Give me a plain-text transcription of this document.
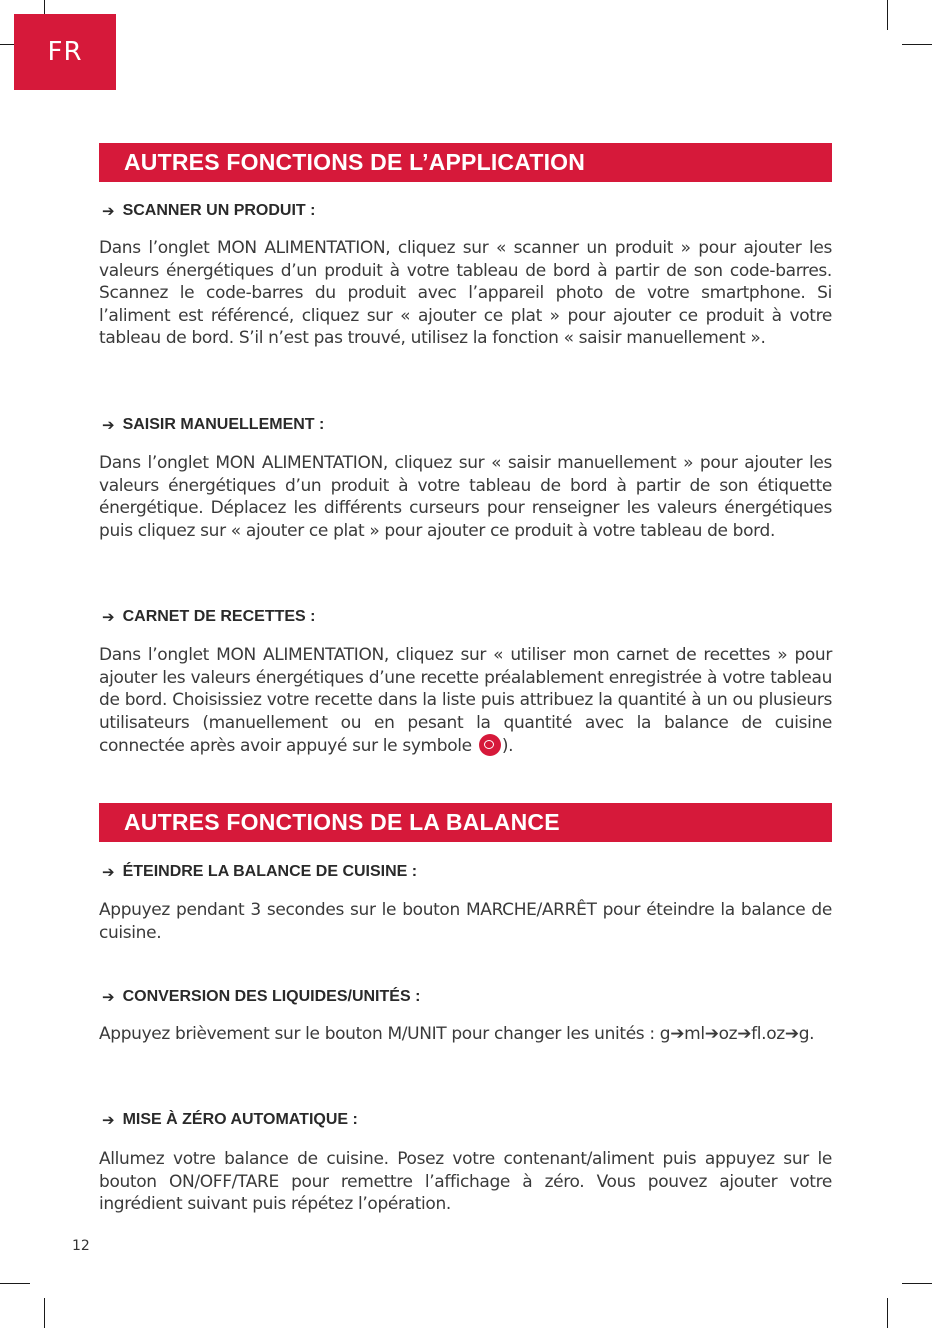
FR
AUTRES FONCTIONS DE L’APPLICATION
➔ SCANNER UN PRODUIT :

Dans l’onglet MON ALIMENTATION, cliquez sur « scanner un produit » pour ajouter les valeurs énergétiques d’un produit à votre tableau de bord à partir de son code-barres. Scannez le code-barres du produit avec l’appareil photo de votre smartphone. Si l’aliment est référencé, cliquez sur « ajouter ce plat » pour ajouter ce produit à votre tableau de bord. S’il n’est pas trouvé, utilisez la fonction « saisir manuellement ».

➔ SAISIR MANUELLEMENT :

Dans l’onglet MON ALIMENTATION, cliquez sur « saisir manuellement » pour ajouter les valeurs énergétiques d’un produit à votre tableau de bord à partir de son étiquette énergétique. Déplacez les différents curseurs pour renseigner les valeurs énergétiques puis cliquez sur « ajouter ce plat » pour ajouter ce produit à votre tableau de bord.

➔ CARNET DE RECETTES :

Dans l’onglet MON ALIMENTATION, cliquez sur « utiliser mon carnet de recettes » pour ajouter les valeurs énergétiques d’une recette préalablement enregistrée à votre tableau de bord. Choisissiez votre recette dans la liste puis attribuez la quantité à un ou plusieurs utilisateurs (manuellement ou en pesant la quantité avec la balance de cuisine connectée après avoir appuyé sur le symbole ).

AUTRES FONCTIONS DE LA BALANCE
➔ ÉTEINDRE LA BALANCE DE CUISINE :

Appuyez pendant 3 secondes sur le bouton MARCHE/ARRÊT pour éteindre la balance de cuisine.

➔ CONVERSION DES LIQUIDES/UNITÉS :

Appuyez brièvement sur le bouton M/UNIT pour changer les unités : g➔ml➔oz➔fl.oz➔g.

➔ MISE À ZÉRO AUTOMATIQUE :

Allumez votre balance de cuisine. Posez votre contenant/aliment puis appuyez sur le bouton ON/OFF/TARE pour remettre l’affichage à zéro. Vous pouvez ajouter votre ingrédient suivant puis répétez l’opération.

12
